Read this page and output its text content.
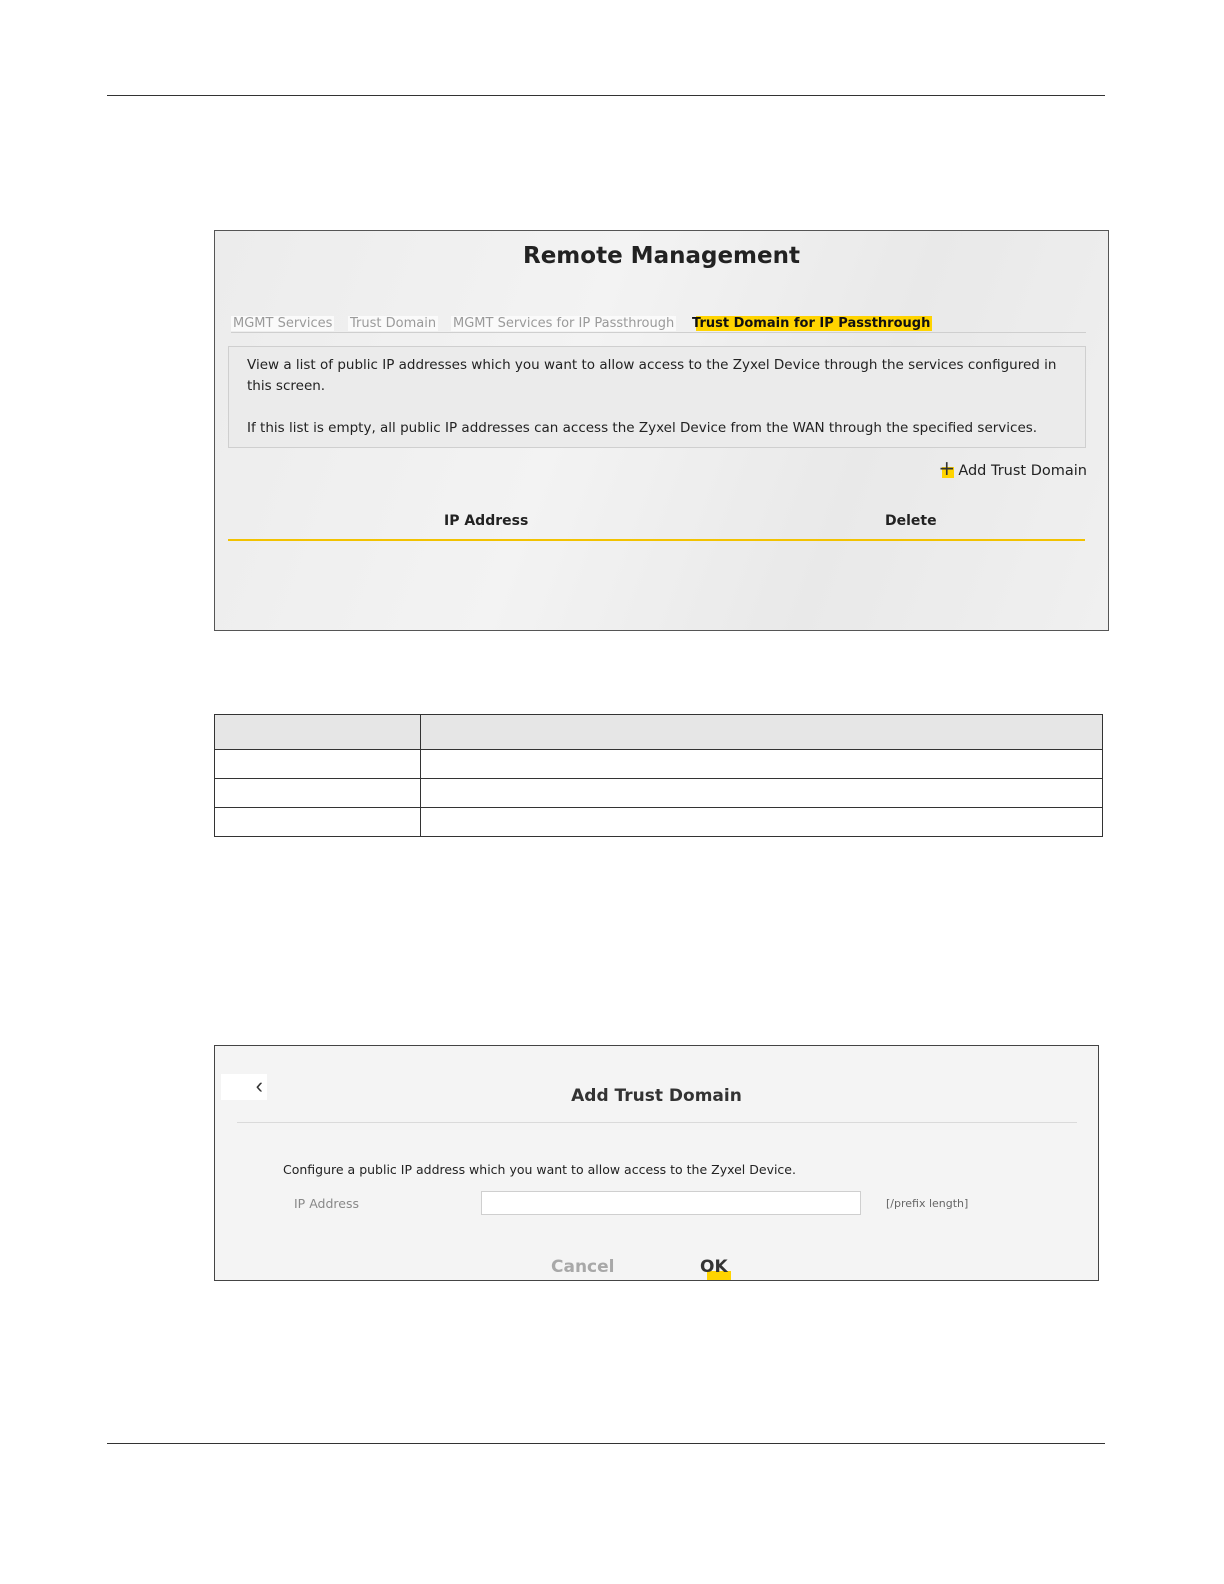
Remote Management
MGMT Services Trust Domain MGMT Services for IP Passthrough Trust Domain for IP Passthrough

View a list of public IP addresses which you want to allow access to the Zyxel Device through the services configured in this screen.

If this list is empty, all public IP addresses can access the Zyxel Device from the WAN through the specified services.

+Add Trust Domain
IP Address	Delete

‹	Add Trust Domain
Configure a public IP address which you want to allow access to the Zyxel Device.
IP Address	[/prefix length]
Cancel	OK
